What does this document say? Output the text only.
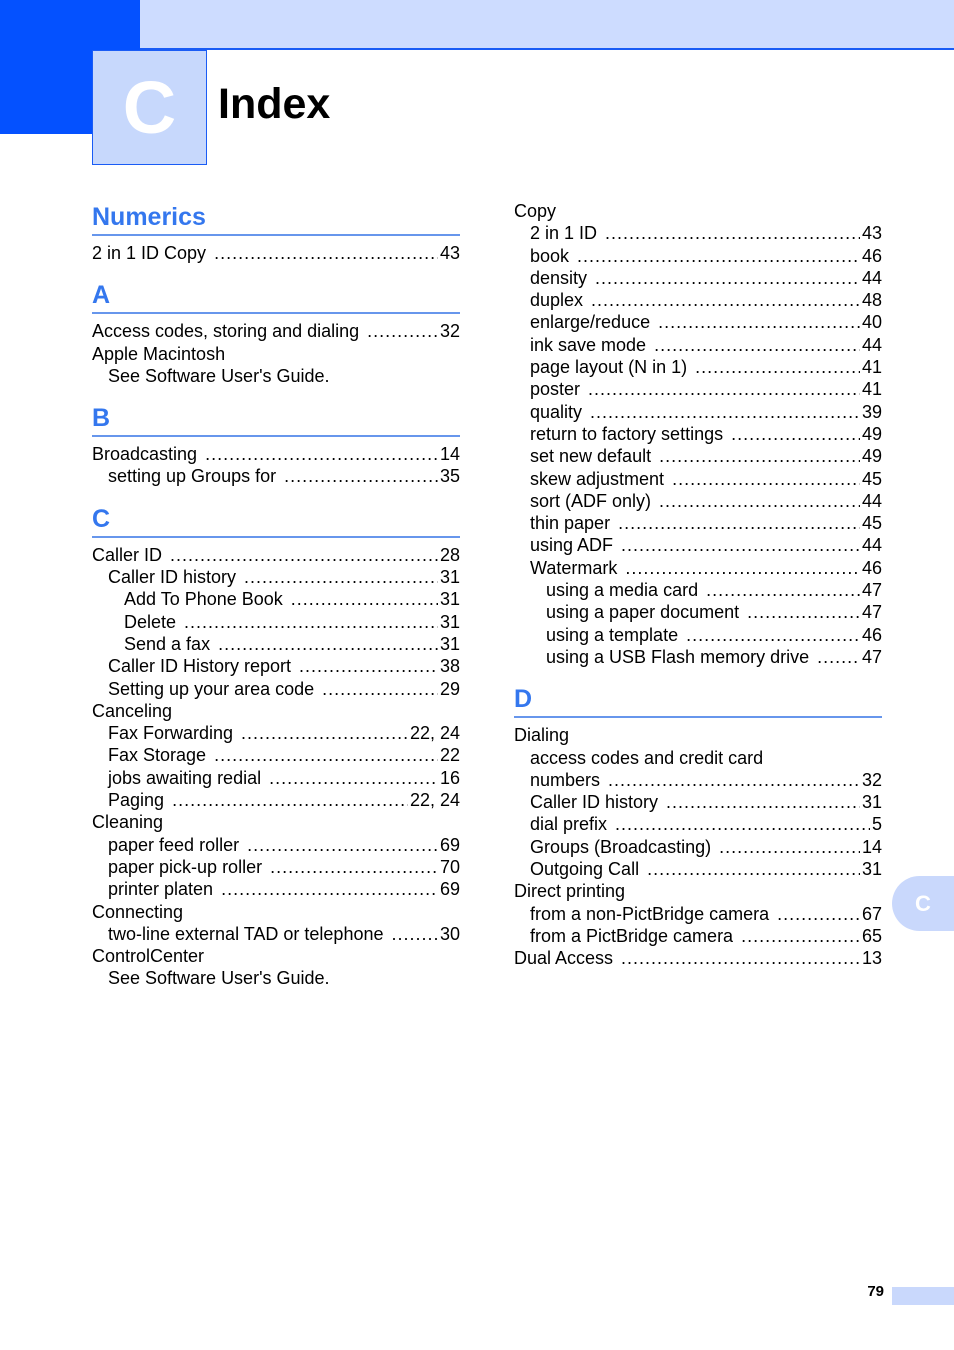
C Index
Numerics
2 in 1 ID Copy .....	43
A
Access codes, storing and dialing .....	32
Apple Macintosh
See Software User's Guide.
B
Broadcasting .....	14
setting up Groups for .....	35
C
Caller ID .....	28
Caller ID history .....	31
Add To Phone Book .....	31
Delete .....	31
Send a fax .....	31
Caller ID History report .....	38
Setting up your area code .....	29
Canceling
Fax Forwarding .....	22, 24
Fax Storage .....	22
jobs awaiting redial .....	16
Paging .....	22, 24
Cleaning
paper feed roller .....	69
paper pick-up roller .....	70
printer platen .....	69
Connecting
two-line external TAD or telephone .....	30
ControlCenter
See Software User's Guide.
Copy
2 in 1 ID .....	43
book .....	46
density .....	44
duplex .....	48
enlarge/reduce .....	40
ink save mode .....	44
page layout (N in 1) .....	41
poster .....	41
quality .....	39
return to factory settings .....	49
set new default .....	49
skew adjustment .....	45
sort (ADF only) .....	44
thin paper .....	45
using ADF .....	44
Watermark .....	46
using a media card .....	47
using a paper document .....	47
using a template .....	46
using a USB Flash memory drive .....	47
D
Dialing
access codes and credit card
numbers .....	32
Caller ID history .....	31
dial prefix .....	5
Groups (Broadcasting) .....	14
Outgoing Call .....	31
Direct printing
from a non-PictBridge camera .....	67
from a PictBridge camera .....	65
Dual Access .....	13
C
79
